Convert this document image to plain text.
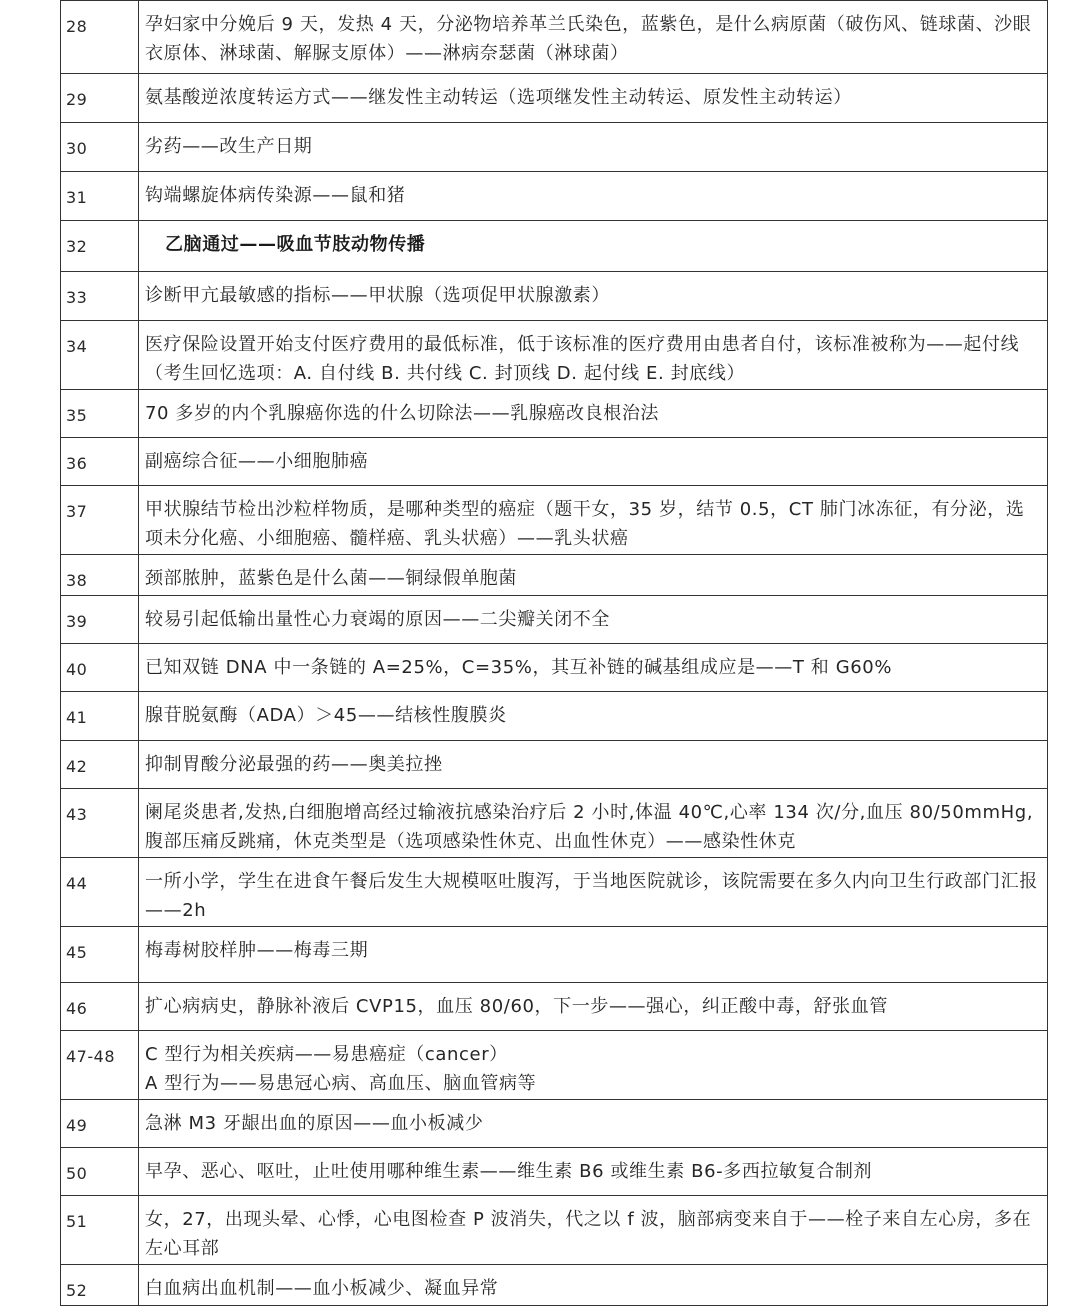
28	孕妇家中分娩后 9 天，发热 4 天，分泌物培养革兰氏染色，蓝紫色，是什么病原菌（破伤风、链球菌、沙眼衣原体、淋球菌、解脲支原体）——淋病奈瑟菌（淋球菌）

29	氨基酸逆浓度转运方式——继发性主动转运（选项继发性主动转运、原发性主动转运）

30	劣药——改生产日期

31	钩端螺旋体病传染源——鼠和猪

32	乙脑通过——吸血节肢动物传播

33	诊断甲亢最敏感的指标——甲状腺（选项促甲状腺激素）

34	医疗保险设置开始支付医疗费用的最低标准，低于该标准的医疗费用由患者自付，该标准被称为——起付线（考生回忆选项：A. 自付线 B. 共付线 C. 封顶线 D. 起付线 E. 封底线）

35	70 多岁的内个乳腺癌你选的什么切除法——乳腺癌改良根治法

36	副癌综合征——小细胞肺癌

37	甲状腺结节检出沙粒样物质，是哪种类型的癌症（题干女，35 岁，结节 0.5，CT 肺门冰冻征，有分泌，选项未分化癌、小细胞癌、髓样癌、乳头状癌）——乳头状癌

38	颈部脓肿，蓝紫色是什么菌——铜绿假单胞菌

39	较易引起低输出量性心力衰竭的原因——二尖瓣关闭不全

40	已知双链 DNA 中一条链的 A=25%，C=35%，其互补链的碱基组成应是——T 和 G60%

41	腺苷脱氨酶（ADA）＞45——结核性腹膜炎

42	抑制胃酸分泌最强的药——奥美拉挫

43	阑尾炎患者,发热,白细胞增高经过输液抗感染治疗后 2 小时,体温 40℃,心率 134 次/分,血压 80/50mmHg,腹部压痛反跳痛，休克类型是（选项感染性休克、出血性休克）——感染性休克

44	一所小学，学生在进食午餐后发生大规模呕吐腹泻，于当地医院就诊，该院需要在多久内向卫生行政部门汇报——2h

45	梅毒树胶样肿——梅毒三期

46	扩心病病史，静脉补液后 CVP15，血压 80/60，下一步——强心，纠正酸中毒，舒张血管

47-48	C 型行为相关疾病——易患癌症（cancer）
A 型行为——易患冠心病、高血压、脑血管病等

49	急淋 M3 牙龈出血的原因——血小板减少

50	早孕、恶心、呕吐，止吐使用哪种维生素——维生素 B6 或维生素 B6-多西拉敏复合制剂

51	女，27，出现头晕、心悸，心电图检查 P 波消失，代之以 f 波，脑部病变来自于——栓子来自左心房，多在左心耳部

52	白血病出血机制——血小板减少、凝血异常
